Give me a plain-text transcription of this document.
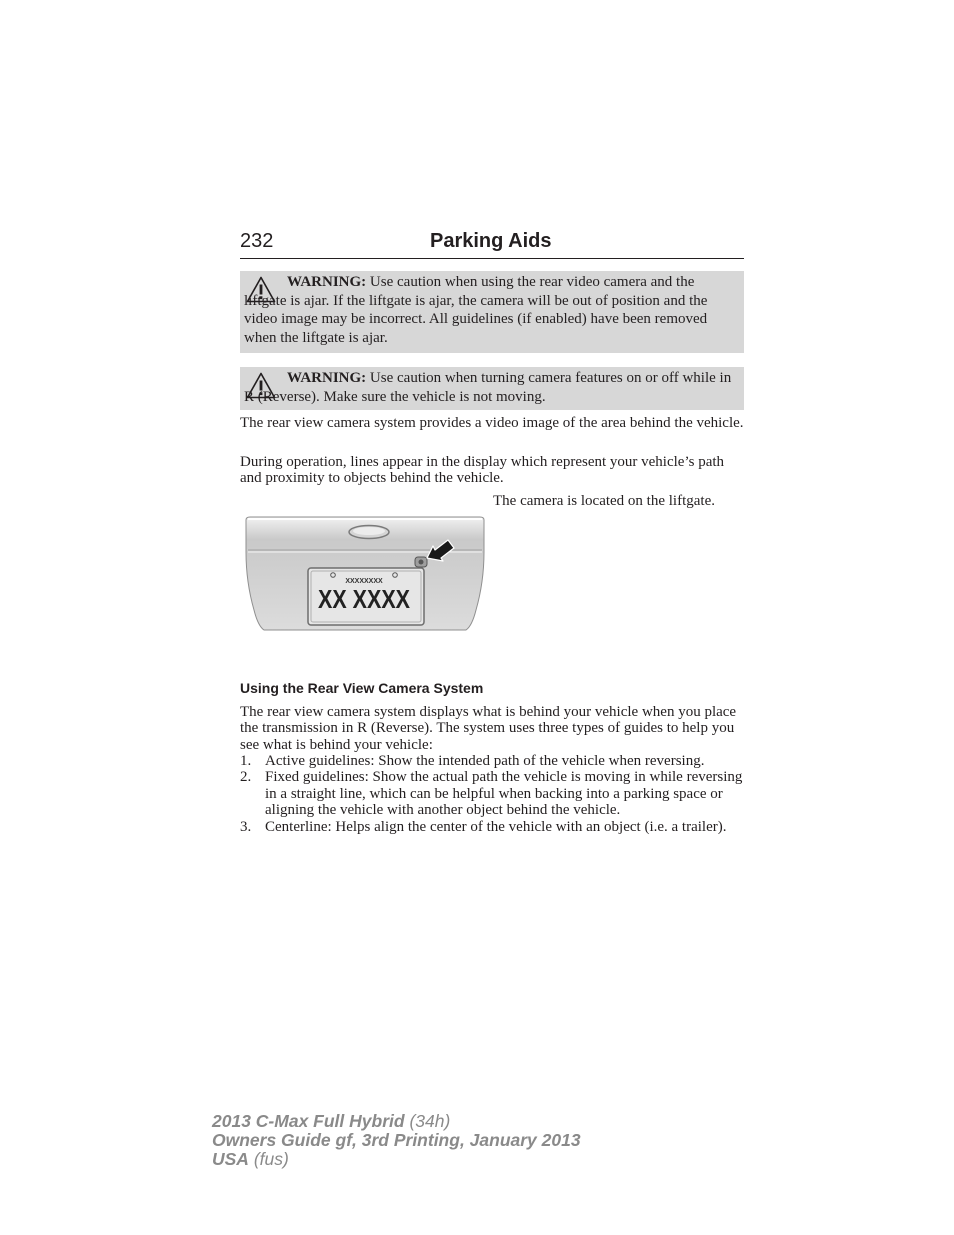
232	Parking Aids

WARNING: Use caution when using the rear video camera and the liftgate is ajar. If the liftgate is ajar, the camera will be out of position and the video image may be incorrect. All guidelines (if enabled) have been removed when the liftgate is ajar.

WARNING: Use caution when turning camera features on or off while in R (Reverse). Make sure the vehicle is not moving.

The rear view camera system provides a video image of the area behind the vehicle.

During operation, lines appear in the display which represent your vehicle’s path and proximity to objects behind the vehicle.

XXXXXXXX
XX XXXX

The camera is located on the liftgate.

Using the Rear View Camera System

The rear view camera system displays what is behind your vehicle when you place the transmission in R (Reverse). The system uses three types of guides to help you see what is behind your vehicle:

1. Active guidelines: Show the intended path of the vehicle when reversing.
2. Fixed guidelines: Show the actual path the vehicle is moving in while reversing in a straight line, which can be helpful when backing into a parking space or aligning the vehicle with another object behind the vehicle.
3. Centerline: Helps align the center of the vehicle with an object (i.e. a trailer).
2013 C-Max Full Hybrid (34h)
Owners Guide gf, 3rd Printing, January 2013
USA (fus)
